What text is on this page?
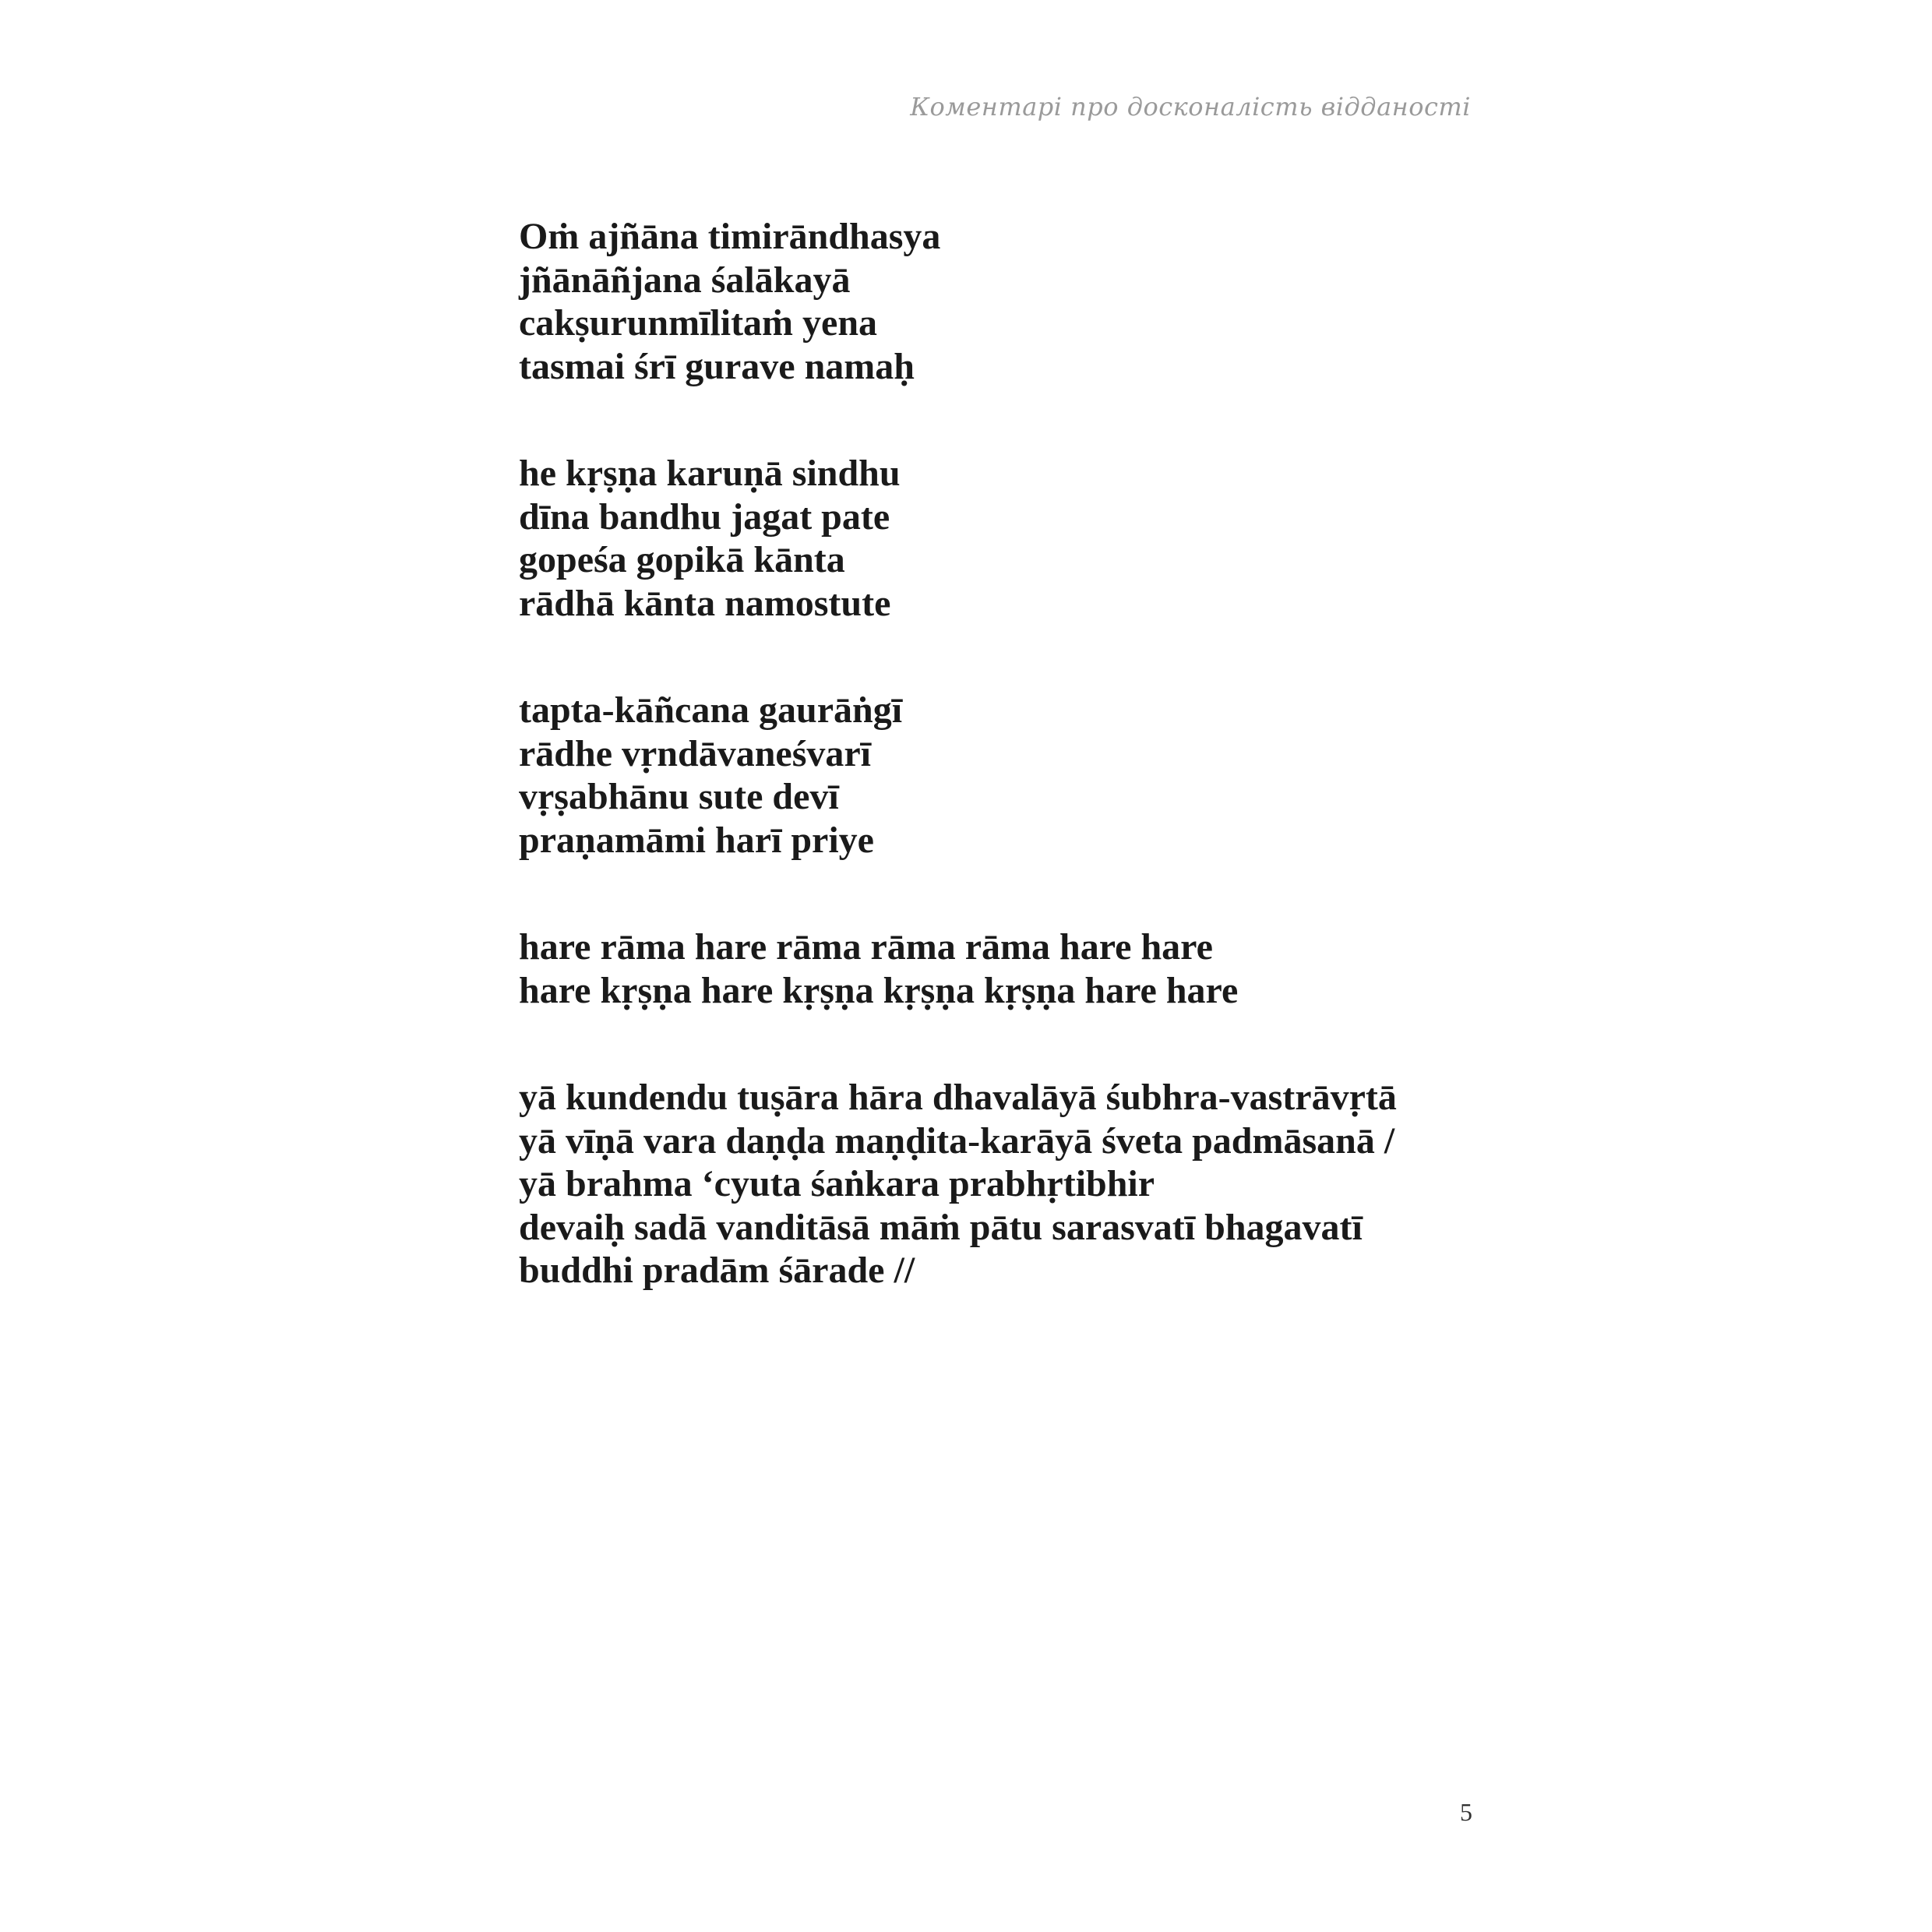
Коментарі про досконалість відданості
Oṁ ajñāna timirāndhasya
jñānāñjana śalākayā
cakṣurunmīlitaṁ yena
tasmai śrī gurave namaḥ
he kṛṣṇa karuṇā sindhu
dīna bandhu jagat pate
gopeśa gopikā kānta
rādhā kānta namostute
tapta-kāñcana gaurāṅgī
rādhe vṛndāvaneśvarī
vṛṣabhānu sute devī
praṇamāmi harī priye
hare rāma hare rāma rāma rāma hare hare
hare kṛṣṇa hare kṛṣṇa kṛṣṇa kṛṣṇa hare hare
yā kundendu tuṣāra hāra dhavalāyā śubhra-vastrāvṛtā
yā vīṇā vara daṇḍa maṇḍita-karāyā śveta padmāsanā /
yā brahma ‘cyuta śaṅkara prabhṛtibhir
devaiḥ sadā vanditāsā māṁ pātu sarasvatī bhagavatī
buddhi pradām śārade //
5
